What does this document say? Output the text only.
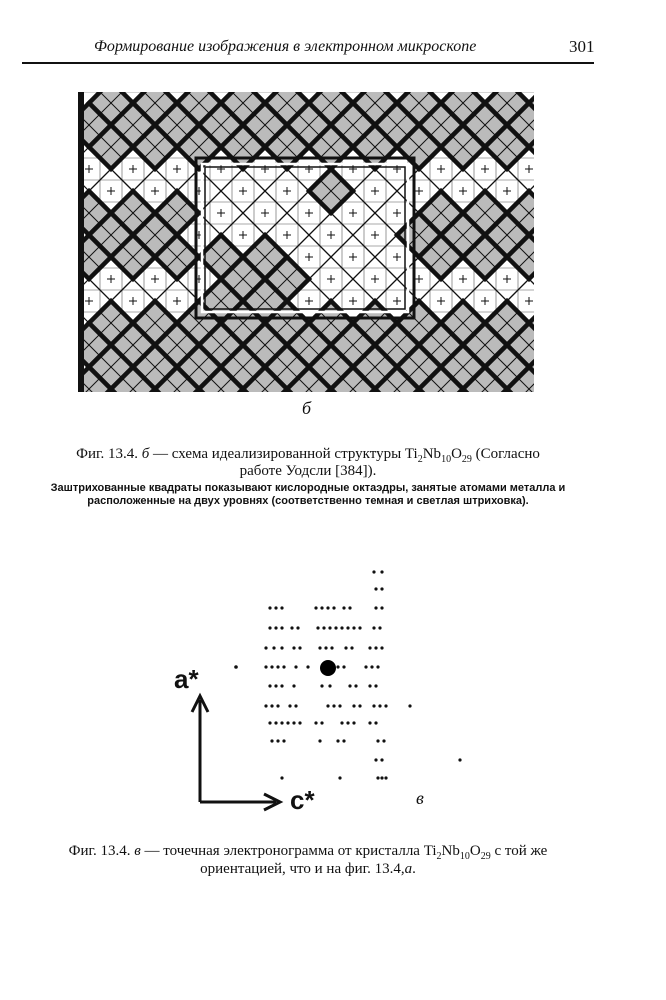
Формирование изображения в электронном микроскопе	301
б
Фиг. 13.4. б — схема идеализированной структуры $Ti_2Nb_{10}O_{29}$ (Согласно
работе Уодсли [384]).
Заштрихованные квадраты показывают кислородные октаэдры, занятые атомами металла и
расположенные на двух уровнях (соответственно темная и светлая штриховка).
a*
c*	в
Фиг. 13.4. в — точечная электронограмма от кристалла $Ti_2Nb_{10}O_{29}$ с той же
ориентацией, что и на фиг. 13.4,а.
